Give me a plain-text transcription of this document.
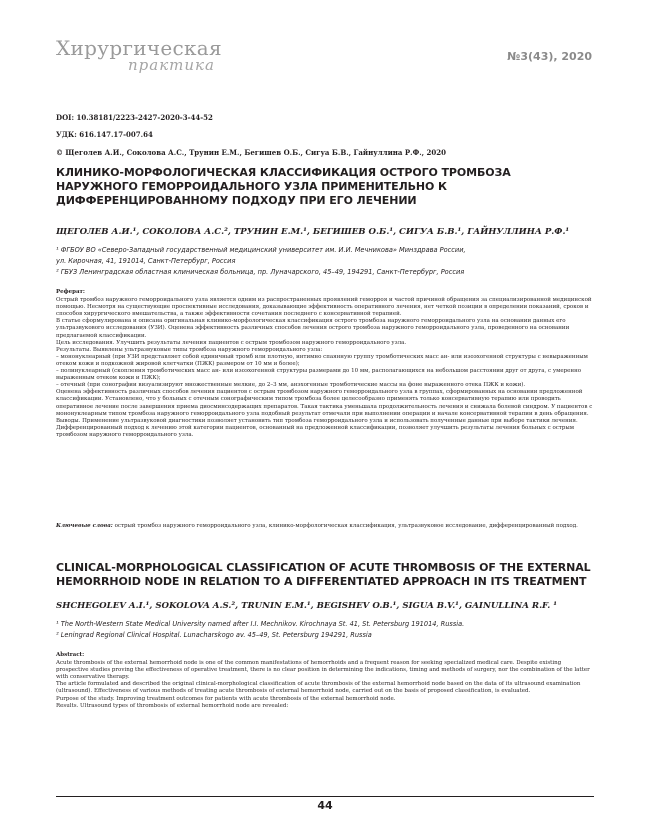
Хирургическая
практика	№3(43), 2020
DOI: 10.38181/2223-2427-2020-3-44-52
УДК: 616.147.17-007.64
© Щеголев А.И., Соколова А.С., Трунин Е.М., Бегишев О.Б., Сигуа Б.В., Гайнуллина Р.Ф., 2020
КЛИНИКО-МОРФОЛОГИЧЕСКАЯ КЛАССИФИКАЦИЯ ОСТРОГО ТРОМБОЗА НАРУЖНОГО ГЕМОРРОИДАЛЬНОГО УЗЛА ПРИМЕНИТЕЛЬНО К ДИФФЕРЕНЦИРОВАННОМУ ПОДХОДУ ПРИ ЕГО ЛЕЧЕНИИ
ЩЕГОЛЕВ А.И.¹, СОКОЛОВА А.С.², ТРУНИН Е.М.¹, БЕГИШЕВ О.Б.¹, СИГУА Б.В.¹, ГАЙНУЛЛИНА Р.Ф.¹
¹ ФГБОУ ВО «Северо-Западный государственный медицинский университет им. И.И. Мечникова» Минздрава России,
ул. Кирочная, 41, 191014, Санкт-Петербург, Россия
² ГБУЗ Ленинградская областная клиническая больница, пр. Луначарского, 45–49, 194291, Санкт-Петербург, Россия
Реферат:

Острый тромбоз наружного геморроидального узла является одним из распространенных проявлений геморроя и частой причиной обращения за специализированной медицинской помощью. Несмотря на существующие проспективные исследования, доказывающие эффективность оперативного лечения, нет четкой позиции в определении показаний, сроков и способов хирургического вмешательства, а также эффективности сочетания последнего с консервативной терапией.

В статье сформулирована и описана оригинальная клинико-морфологическая классификация острого тромбоза наружного геморроидального узла на основании данных его ультразвукового исследования (УЗИ). Оценена эффективность различных способов лечения острого тромбоза наружного геморроидального узла, проведенного на основании предлагаемой классификации.

Цель исследования. Улучшить результаты лечения пациентов с острым тромбозом наружного геморроидального узла.

Результаты. Выявлены ультразвуковые типы тромбоза наружного геморроидального узла:

– мононуклеарный (при УЗИ представляет собой единичный тромб или плотную, интимно спаянную группу тромботических масс ан- или изоэхогенной структуры с невыраженным отеком кожи и подкожной жировой клетчатки (ПЖК) размером от 10 мм и более);

– полинуклеарный (скопления тромботических масс ан- или изоэхогенной структуры размерами до 10 мм, располагающихся на небольшом расстоянии друг от друга, с умеренно выраженным отеком кожи и ПЖК);

– отечный (при сонографии визуализируют множественные мелкие, до 2–3 мм, анэхогенные тромботические массы на фоне выраженного отека ПЖК и кожи).

Оценена эффективность различных способов лечения пациентов с острым тромбозом наружного геморроидального узла в группах, сформированных на основании предложенной классификации. Установлено, что у больных с отечным сонографическим типом тромбоза более целесообразно применять только консервативную терапию или проводить оперативное лечение после завершения приема диосминсодержащих препаратов. Такая тактика уменьшала продолжительность лечения и снижала болевой синдром. У пациентов с мононуклеарным типом тромбоза наружного геморроидального узла подобный результат отмечали при выполнении операции и начале консервативной терапии в день обращения.

Выводы. Применение ультразвуковой диагностики позволяет установить тип тромбоза геморроидального узла и использовать полученные данные при выборе тактики лечения. Дифференцированный подход к лечению этой категории пациентов, основанный на предложенной классификации, позволяет улучшить результаты лечения больных с острым тромбозом наружного геморроидального узла.

Ключевые слова: острый тромбоз наружного геморроидального узла, клинико-морфологическая классификация, ультразвуковое исследование, дифференцированный подход.
CLINICAL-MORPHOLOGICAL CLASSIFICATION OF ACUTE THROMBOSIS OF THE EXTERNAL HEMORRHOID NODE IN RELATION TO A DIFFERENTIATED APPROACH IN ITS TREATMENT
SHCHEGOLEV A.I.¹, SOKOLOVA A.S.², TRUNIN E.M.¹, BEGISHEV O.B.¹, SIGUA B.V.¹, GAINULLINA R.F. ¹
¹ The North-Western State Medical University named after I.I. Mechnikov. Kirochnaya St. 41, St. Petersburg 191014, Russia.
² Leningrad Regional Clinical Hospital. Lunacharskogo av. 45–49, St. Petersburg 194291, Russia
Abstract:

Acute thrombosis of the external hemorrhoid node is one of the common manifestations of hemorrhoids and a frequent reason for seeking specialized medical care. Despite existing prospective studies proving the effectiveness of operative treatment, there is no clear position in determining the indications, timing and methods of surgery, nor the combination of the latter with conservative therapy.

The article formulated and described the original clinical-morphological classification of acute thrombosis of the external hemorrhoid node based on the data of its ultrasound examination (ultrasound). Effectiveness of various methods of treating acute thrombosis of external hemorrhoid node, carried out on the basis of proposed classification, is evaluated.

Purpose of the study. Improving treatment outcomes for patients with acute thrombosis of the external hemorrhoid node.

Results. Ultrasound types of thrombosis of external hemorrhoid node are revealed:

44
